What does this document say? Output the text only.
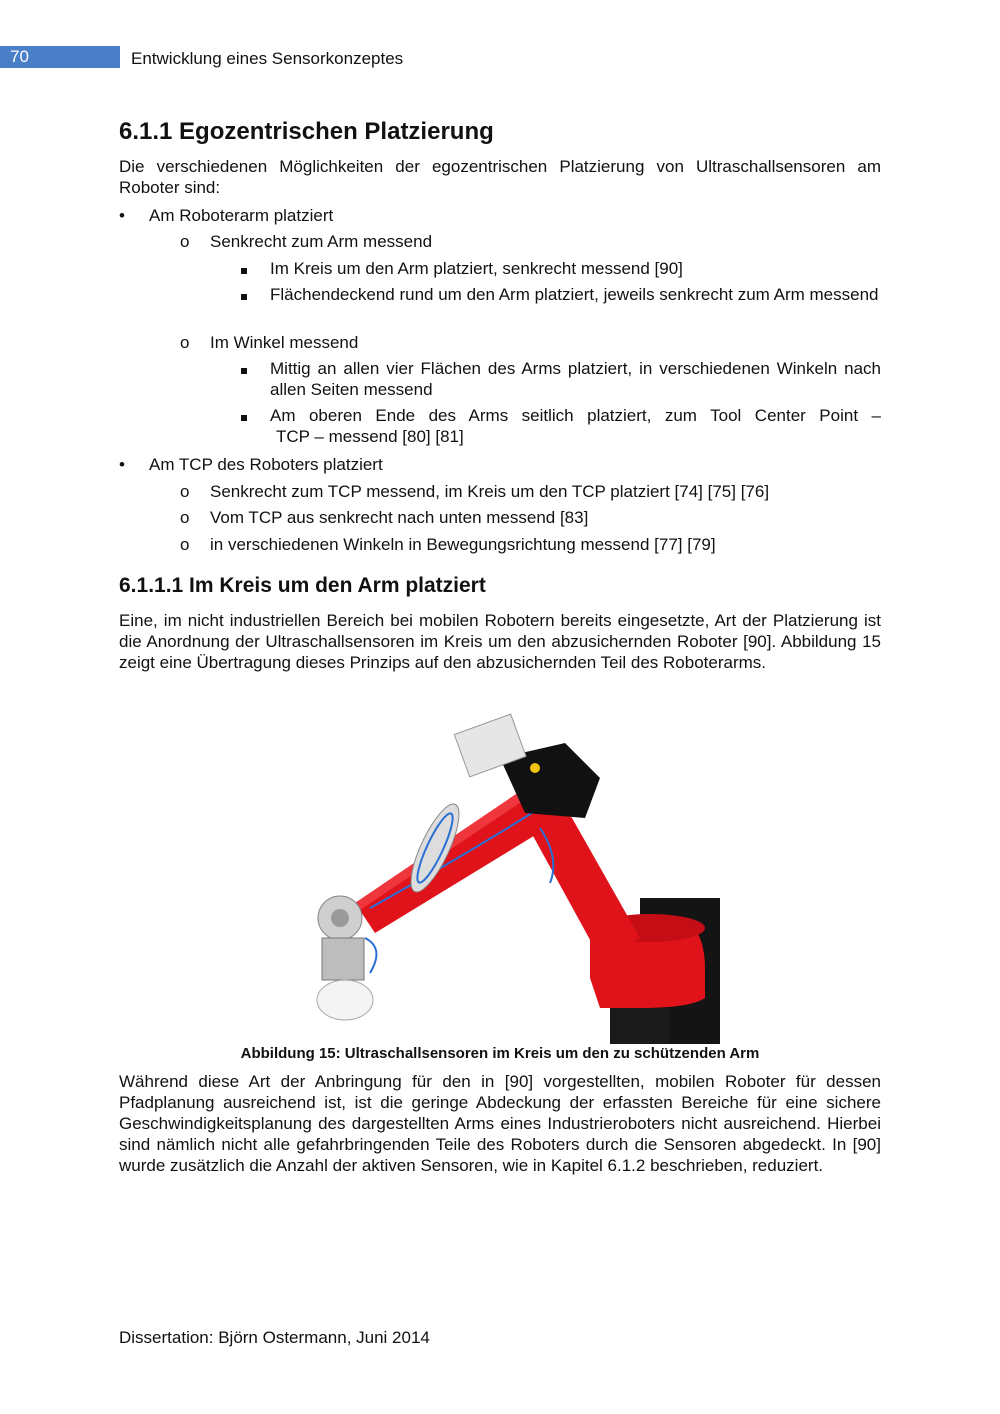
70	Entwicklung eines Sensorkonzeptes
6.1.1 Egozentrischen Platzierung

Die verschiedenen Möglichkeiten der egozentrischen Platzierung von Ultraschallsensoren am Roboter sind:

• Am Roboterarm platziert
o Senkrecht zum Arm messend
Im Kreis um den Arm platziert, senkrecht messend [90]
Flächendeckend rund um den Arm platziert, jeweils senkrecht zum Arm messend
o Im Winkel messend
Mittig an allen vier Flächen des Arms platziert, in verschiedenen Winkeln nach allen Seiten messend
Am oberen Ende des Arms seitlich platziert, zum Tool Center Point –
TCP – messend [80] [81]
• Am TCP des Roboters platziert
o Senkrecht zum TCP messend, im Kreis um den TCP platziert [74] [75] [76]
o Vom TCP aus senkrecht nach unten messend [83]
o in verschiedenen Winkeln in Bewegungsrichtung messend [77] [79]
6.1.1.1 Im Kreis um den Arm platziert

Eine, im nicht industriellen Bereich bei mobilen Robotern bereits eingesetzte, Art der Platzierung ist die Anordnung der Ultraschallsensoren im Kreis um den abzusichernden Roboter [90]. Abbildung 15 zeigt eine Übertragung dieses Prinzips auf den abzusichernden Teil des Roboterarms.

Während diese Art der Anbringung für den in [90] vorgestellten, mobilen Roboter für dessen Pfadplanung ausreichend ist, ist die geringe Abdeckung der erfassten Bereiche für eine sichere Geschwindigkeitsplanung des dargestellten Arms eines Industrieroboters nicht ausreichend. Hierbei sind nämlich nicht alle gefahrbringenden Teile des Roboters durch die Sensoren abgedeckt. In [90] wurde zusätzlich die Anzahl der aktiven Sensoren, wie in Kapitel 6.1.2 beschrieben, reduziert.

Abbildung 15: Ultraschallsensoren im Kreis um den zu schützenden Arm
Dissertation: Björn Ostermann, Juni 2014
